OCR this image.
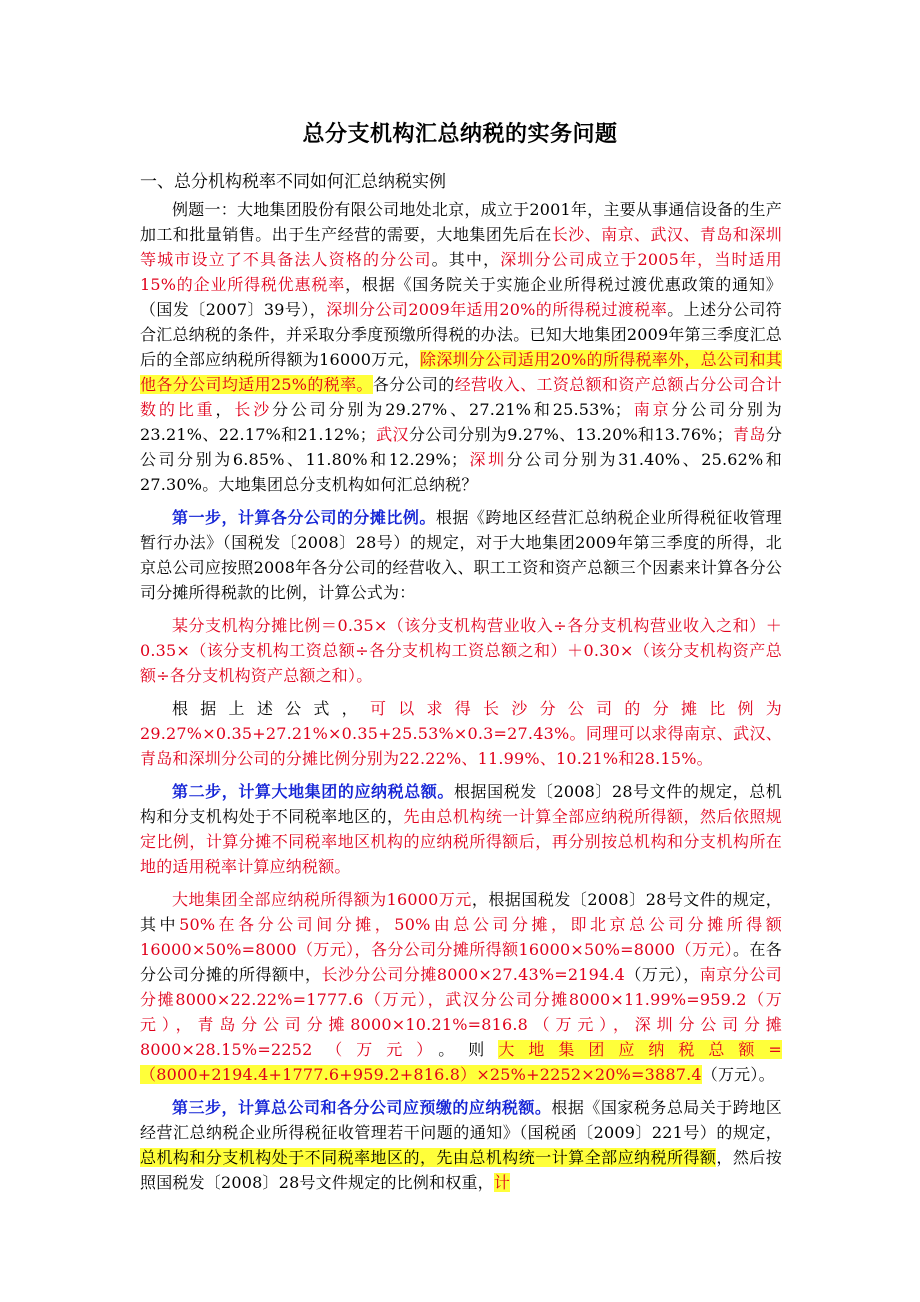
总分支机构汇总纳税的实务问题
一、总分机构税率不同如何汇总纳税实例

例题一：大地集团股份有限公司地处北京，成立于2001年，主要从事通信设备的生产加工和批量销售。出于生产经营的需要，大地集团先后在长沙、南京、武汉、青岛和深圳等城市设立了不具备法人资格的分公司。其中，深圳分公司成立于2005年，当时适用15%的企业所得税优惠税率，根据《国务院关于实施企业所得税过渡优惠政策的通知》（国发〔2007〕39号），深圳分公司2009年适用20%的所得税过渡税率。上述分公司符合汇总纳税的条件，并采取分季度预缴所得税的办法。已知大地集团2009年第三季度汇总后的全部应纳税所得额为16000万元，除深圳分公司适用20%的所得税率外，总公司和其他各分公司均适用25%的税率。各分公司的经营收入、工资总额和资产总额占分公司合计数的比重，长沙分公司分别为29.27%、27.21%和25.53%；南京分公司分别为23.21%、22.17%和21.12%；武汉分公司分别为9.27%、13.20%和13.76%；青岛分公司分别为6.85%、11.80%和12.29%；深圳分公司分别为31.40%、25.62%和27.30%。大地集团总分支机构如何汇总纳税？

第一步，计算各分公司的分摊比例。根据《跨地区经营汇总纳税企业所得税征收管理暂行办法》（国税发〔2008〕28号）的规定，对于大地集团2009年第三季度的所得，北京总公司应按照2008年各分公司的经营收入、职工工资和资产总额三个因素来计算各分公司分摊所得税款的比例，计算公式为：

某分支机构分摊比例＝0.35×（该分支机构营业收入÷各分支机构营业收入之和）＋0.35×（该分支机构工资总额÷各分支机构工资总额之和）＋0.30×（该分支机构资产总额÷各分支机构资产总额之和）。

根据上述公式，可以求得长沙分公司的分摊比例为29.27%×0.35+27.21%×0.35+25.53%×0.3=27.43%。同理可以求得南京、武汉、青岛和深圳分公司的分摊比例分别为22.22%、11.99%、10.21%和28.15%。

第二步，计算大地集团的应纳税总额。根据国税发〔2008〕28号文件的规定，总机构和分支机构处于不同税率地区的，先由总机构统一计算全部应纳税所得额，然后依照规定比例，计算分摊不同税率地区机构的应纳税所得额后，再分别按总机构和分支机构所在地的适用税率计算应纳税额。

大地集团全部应纳税所得额为16000万元，根据国税发〔2008〕28号文件的规定，其中50%在各分公司间分摊，50%由总公司分摊，即北京总公司分摊所得额16000×50%=8000（万元），各分公司分摊所得额16000×50%=8000（万元）。在各分公司分摊的所得额中，长沙分公司分摊8000×27.43%=2194.4（万元），南京分公司分摊8000×22.22%=1777.6（万元），武汉分公司分摊8000×11.99%=959.2（万元），青岛分公司分摊8000×10.21%=816.8（万元），深圳分公司分摊8000×28.15%=2252（万元）。则大地集团应纳税总额=（8000+2194.4+1777.6+959.2+816.8）×25%+2252×20%=3887.4（万元）。

第三步，计算总公司和各分公司应预缴的应纳税额。根据《国家税务总局关于跨地区经营汇总纳税企业所得税征收管理若干问题的通知》（国税函〔2009〕221号）的规定，总机构和分支机构处于不同税率地区的，先由总机构统一计算全部应纳税所得额，然后按照国税发〔2008〕28号文件规定的比例和权重，计
